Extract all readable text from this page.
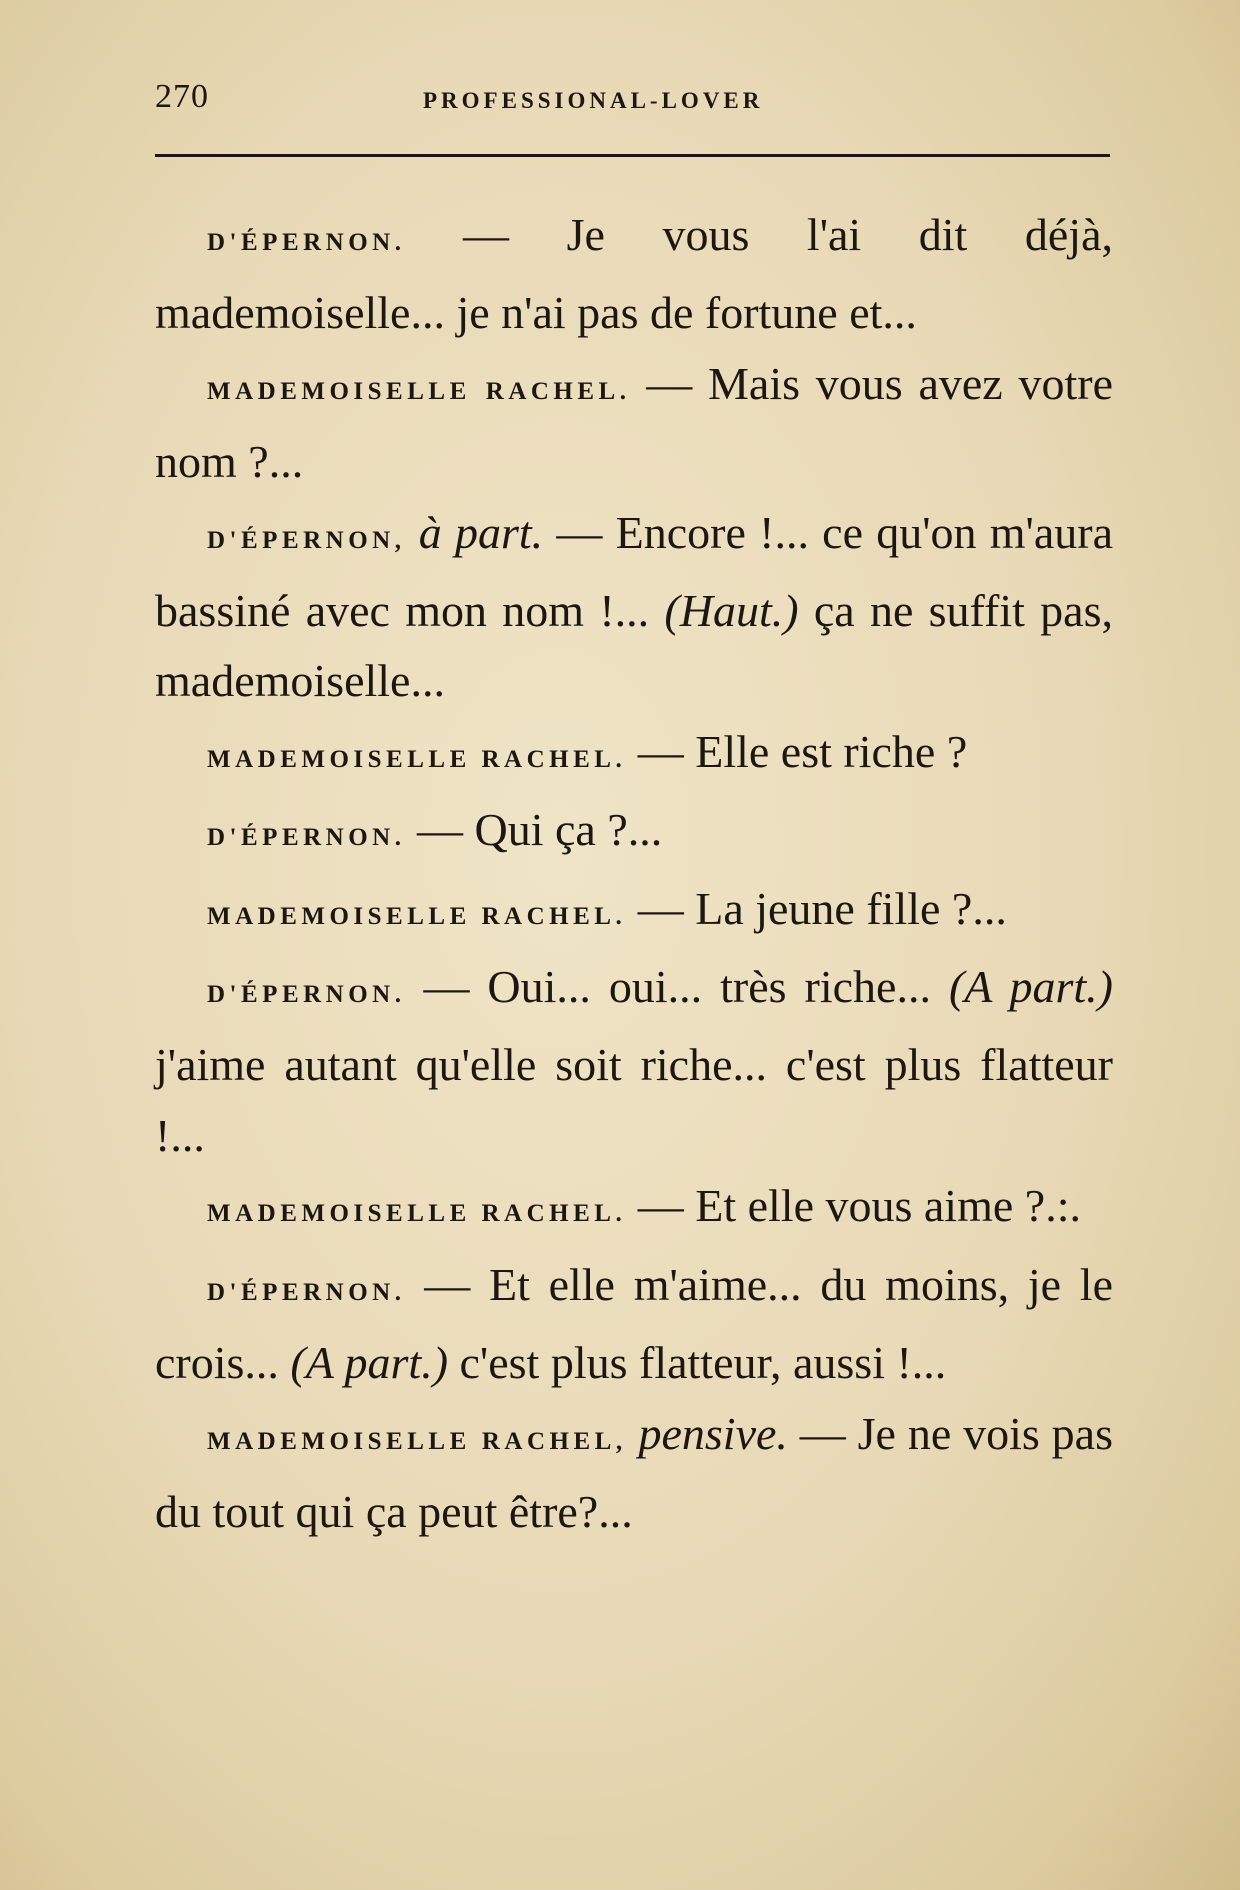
270	PROFESSIONAL-LOVER

D'ÉPERNON. — Je vous l'ai dit déjà, mademoiselle... je n'ai pas de fortune et...

MADEMOISELLE RACHEL. — Mais vous avez votre nom ?...

D'ÉPERNON, à part. — Encore !... ce qu'on m'aura bassiné avec mon nom !... (Haut.) ça ne suffit pas, mademoiselle...

MADEMOISELLE RACHEL. — Elle est riche ?

D'ÉPERNON. — Qui ça ?...

MADEMOISELLE RACHEL. — La jeune fille ?...

D'ÉPERNON. — Oui... oui... très riche... (A part.) j'aime autant qu'elle soit riche... c'est plus flatteur !...

MADEMOISELLE RACHEL. — Et elle vous aime ?.:.

D'ÉPERNON. — Et elle m'aime... du moins, je le crois... (A part.) c'est plus flatteur, aussi !...

MADEMOISELLE RACHEL, pensive. — Je ne vois pas du tout qui ça peut être?...
